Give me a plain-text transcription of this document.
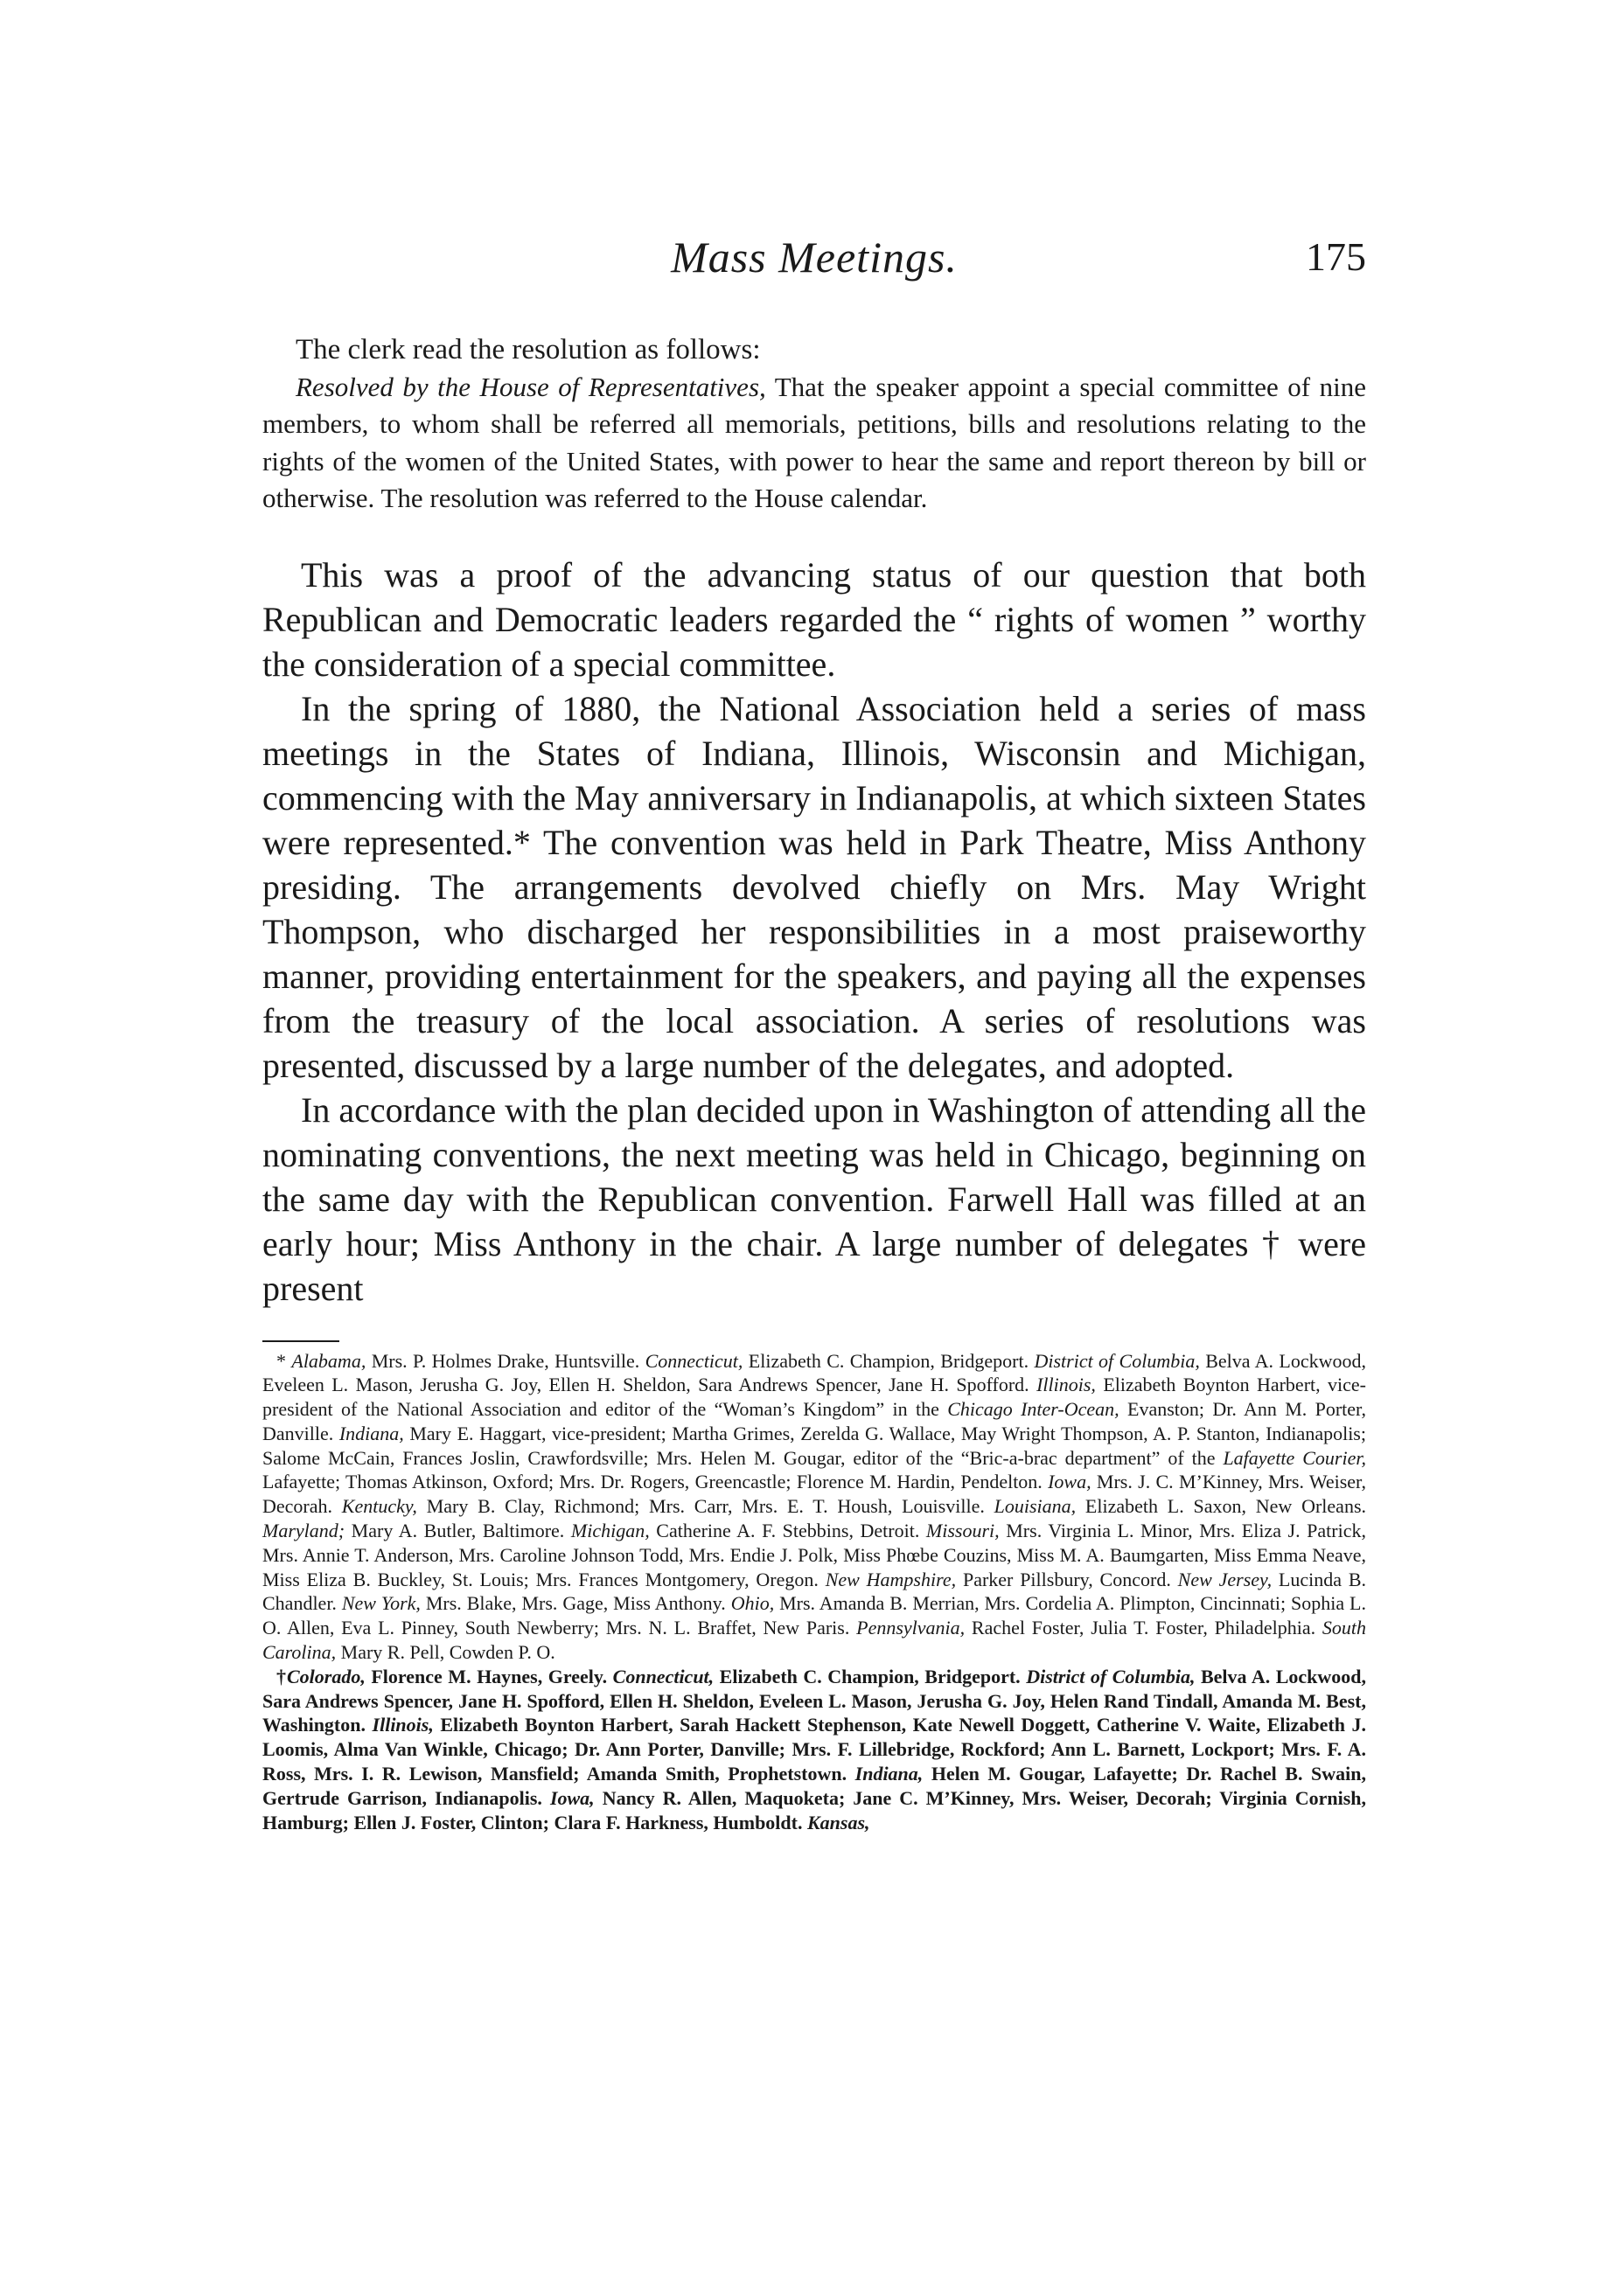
Mass Meetings.	175

The clerk read the resolution as follows:

Resolved by the House of Representatives, That the speaker appoint a special committee of nine members, to whom shall be referred all memorials, petitions, bills and resolutions relating to the rights of the women of the United States, with power to hear the same and report thereon by bill or otherwise. The resolution was referred to the House calendar.

This was a proof of the advancing status of our question that both Republican and Democratic leaders regarded the “ rights of women ” worthy the consideration of a special committee.

In the spring of 1880, the National Association held a series of mass meetings in the States of Indiana, Illinois, Wisconsin and Michigan, commencing with the May anniversary in Indianapolis, at which sixteen States were represented.* The convention was held in Park Theatre, Miss Anthony presiding. The arrangements devolved chiefly on Mrs. May Wright Thompson, who discharged her responsibilities in a most praiseworthy manner, providing entertainment for the speakers, and paying all the expenses from the treasury of the local association. A series of resolutions was presented, discussed by a large number of the delegates, and adopted.

In accordance with the plan decided upon in Washington of attending all the nominating conventions, the next meeting was held in Chicago, beginning on the same day with the Republican convention. Farwell Hall was filled at an early hour; Miss Anthony in the chair. A large number of delegates † were present

* Alabama, Mrs. P. Holmes Drake, Huntsville. Connecticut, Elizabeth C. Champion, Bridgeport. District of Columbia, Belva A. Lockwood, Eveleen L. Mason, Jerusha G. Joy, Ellen H. Sheldon, Sara Andrews Spencer, Jane H. Spofford. Illinois, Elizabeth Boynton Harbert, vice-president of the National Association and editor of the “Woman’s Kingdom” in the Chicago Inter-Ocean, Evanston; Dr. Ann M. Porter, Danville. Indiana, Mary E. Haggart, vice-president; Martha Grimes, Zerelda G. Wallace, May Wright Thompson, A. P. Stanton, Indianapolis; Salome McCain, Frances Joslin, Crawfordsville; Mrs. Helen M. Gougar, editor of the “Bric-a-brac department” of the Lafayette Courier, Lafayette; Thomas Atkinson, Oxford; Mrs. Dr. Rogers, Greencastle; Florence M. Hardin, Pendelton. Iowa, Mrs. J. C. M’Kinney, Mrs. Weiser, Decorah. Kentucky, Mary B. Clay, Richmond; Mrs. Carr, Mrs. E. T. Housh, Louisville. Louisiana, Elizabeth L. Saxon, New Orleans. Maryland; Mary A. Butler, Baltimore. Michigan, Catherine A. F. Stebbins, Detroit. Missouri, Mrs. Virginia L. Minor, Mrs. Eliza J. Patrick, Mrs. Annie T. Anderson, Mrs. Caroline Johnson Todd, Mrs. Endie J. Polk, Miss Phœbe Couzins, Miss M. A. Baumgarten, Miss Emma Neave, Miss Eliza B. Buckley, St. Louis; Mrs. Frances Montgomery, Oregon. New Hampshire, Parker Pillsbury, Concord. New Jersey, Lucinda B. Chandler. New York, Mrs. Blake, Mrs. Gage, Miss Anthony. Ohio, Mrs. Amanda B. Merrian, Mrs. Cordelia A. Plimpton, Cincinnati; Sophia L. O. Allen, Eva L. Pinney, South Newberry; Mrs. N. L. Braffet, New Paris. Pennsylvania, Rachel Foster, Julia T. Foster, Philadelphia. South Carolina, Mary R. Pell, Cowden P. O.

†Colorado, Florence M. Haynes, Greely. Connecticut, Elizabeth C. Champion, Bridgeport. District of Columbia, Belva A. Lockwood, Sara Andrews Spencer, Jane H. Spofford, Ellen H. Sheldon, Eveleen L. Mason, Jerusha G. Joy, Helen Rand Tindall, Amanda M. Best, Washington. Illinois, Elizabeth Boynton Harbert, Sarah Hackett Stephenson, Kate Newell Doggett, Catherine V. Waite, Elizabeth J. Loomis, Alma Van Winkle, Chicago; Dr. Ann Porter, Danville; Mrs. F. Lillebridge, Rockford; Ann L. Barnett, Lockport; Mrs. F. A. Ross, Mrs. I. R. Lewison, Mansfield; Amanda Smith, Prophetstown. Indiana, Helen M. Gougar, Lafayette; Dr. Rachel B. Swain, Gertrude Garrison, Indianapolis. Iowa, Nancy R. Allen, Maquoketa; Jane C. M’Kinney, Mrs. Weiser, Decorah; Virginia Cornish, Hamburg; Ellen J. Foster, Clinton; Clara F. Harkness, Humboldt. Kansas,
